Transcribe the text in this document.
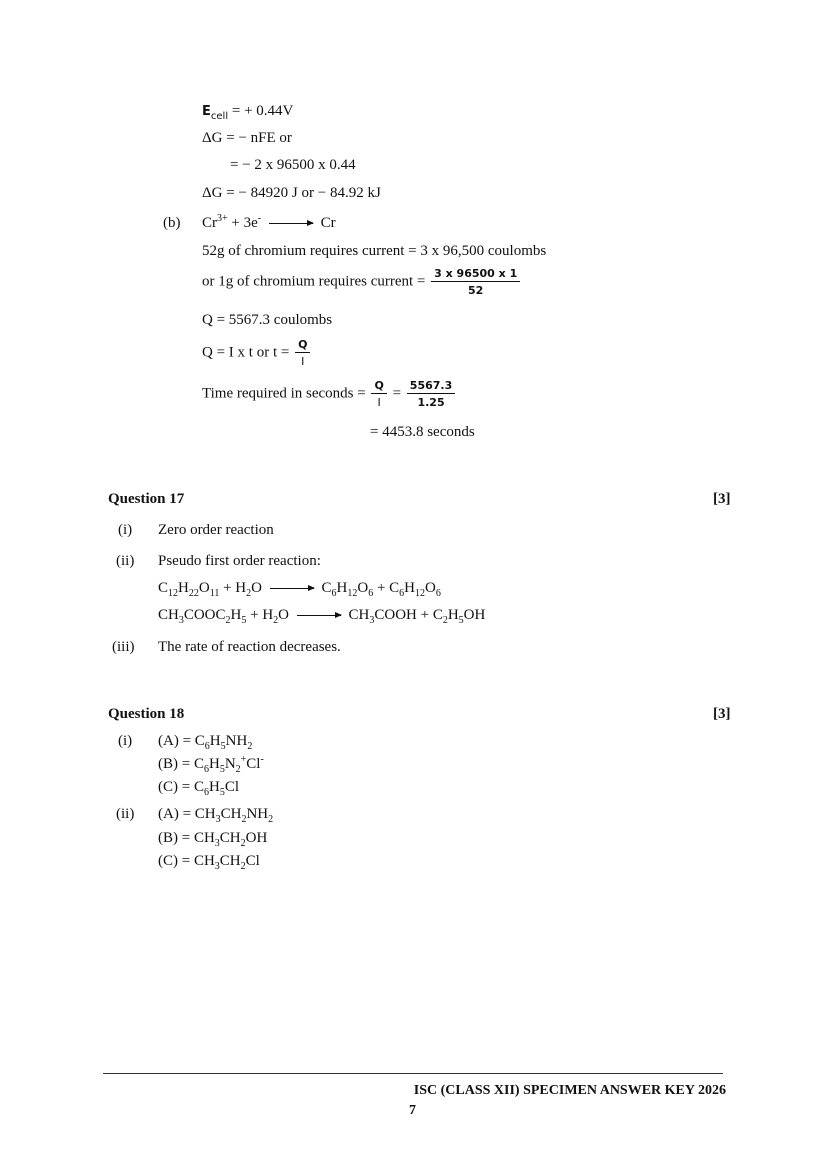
$E_{cell}$ = + 0.44V
ΔG = − nFE or
= − 2 x 96500 x 0.44
ΔG = − 84920 J or − 84.92 kJ
(b) $Cr^{3+} + 3e^- \to Cr$
52g of chromium requires current = 3 x 96,500 coulombs
or 1g of chromium requires current = $\frac{3 x 96500 x 1}{52}$
Q = 5567.3 coulombs
Q = I x t or $t = \frac{Q}{I}$
Time required in seconds = $\frac{Q}{I} = \frac{5567.3}{1.25}$
= 4453.8 seconds
Question 17	[3]
(i) Zero order reaction
(ii) Pseudo first order reaction:
$C_{12}H_{22}O_{11} + H_2O \to C_6H_{12}O_6 + C_6H_{12}O_6$
$CH_3COOC_2H_5 + H_2O$ → $CH_3COOH + C_2H_5OH$
(iii) The rate of reaction decreases.
Question 18	[3]
(i) $(A) = C_6H_5NH_2$
$(B) = C_6H_5N_2^+Cl^-$
$(C) = C_6H_5Cl$
(ii) $(A) = CH_3CH_2NH_2$
$(B) = CH_3CH_2OH$
$(C) = CH_3CH_2Cl$
ISC (CLASS XII) SPECIMEN ANSWER KEY 2026
7
